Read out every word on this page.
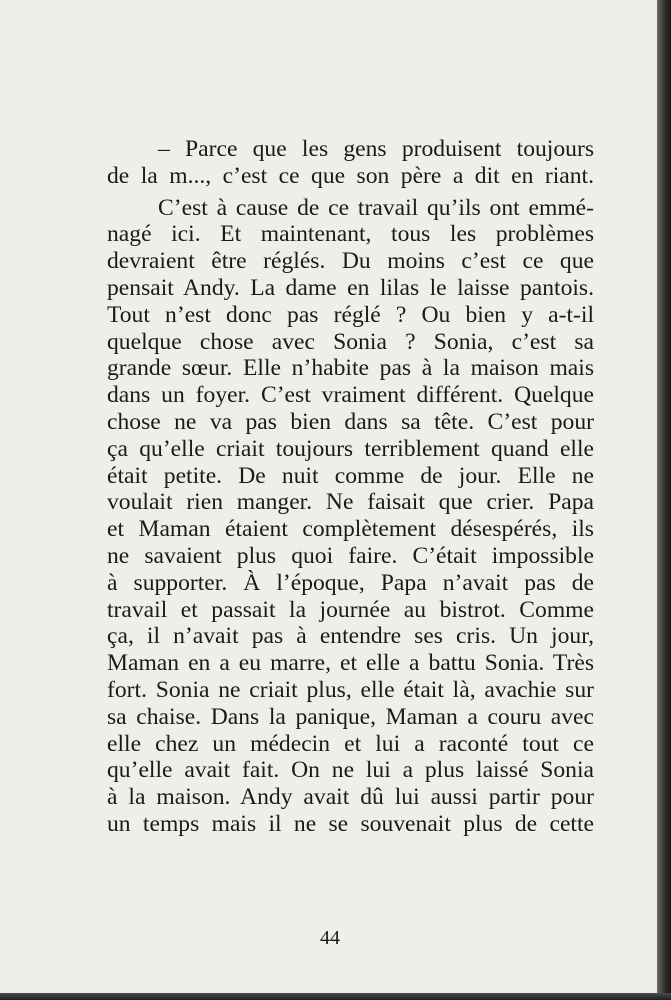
– Parce que les gens produisent toujours
de la m..., c’est ce que son père a dit en riant.
C’est à cause de ce travail qu’ils ont emmé-
nagé ici. Et maintenant, tous les problèmes
devraient être réglés. Du moins c’est ce que
pensait Andy. La dame en lilas le laisse pantois.
Tout n’est donc pas réglé ? Ou bien y a-t-il
quelque chose avec Sonia ? Sonia, c’est sa
grande sœur. Elle n’habite pas à la maison mais
dans un foyer. C’est vraiment différent. Quelque
chose ne va pas bien dans sa tête. C’est pour
ça qu’elle criait toujours terriblement quand elle
était petite. De nuit comme de jour. Elle ne
voulait rien manger. Ne faisait que crier. Papa
et Maman étaient complètement désespérés, ils
ne savaient plus quoi faire. C’était impossible
à supporter. À l’époque, Papa n’avait pas de
travail et passait la journée au bistrot. Comme
ça, il n’avait pas à entendre ses cris. Un jour,
Maman en a eu marre, et elle a battu Sonia. Très
fort. Sonia ne criait plus, elle était là, avachie sur
sa chaise. Dans la panique, Maman a couru avec
elle chez un médecin et lui a raconté tout ce
qu’elle avait fait. On ne lui a plus laissé Sonia
à la maison. Andy avait dû lui aussi partir pour
un temps mais il ne se souvenait plus de cette
44
